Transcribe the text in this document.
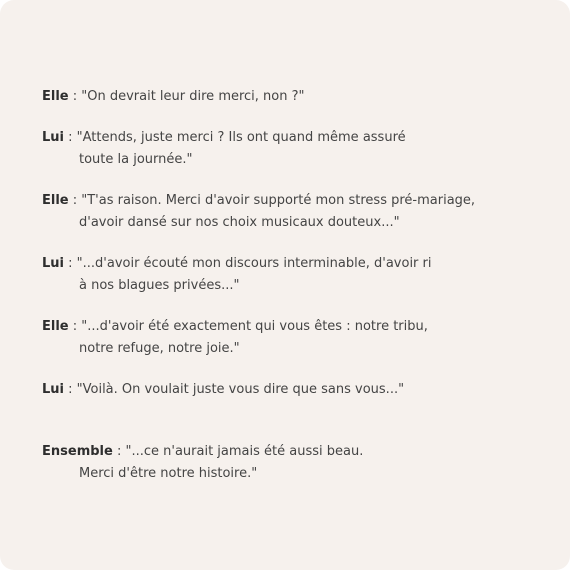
Elle : "On devrait leur dire merci, non ?"
Lui : "Attends, juste merci ? Ils ont quand même assuré
toute la journée."
Elle : "T'as raison. Merci d'avoir supporté mon stress pré-mariage,
d'avoir dansé sur nos choix musicaux douteux..."
Lui : "...d'avoir écouté mon discours interminable, d'avoir ri
à nos blagues privées..."
Elle : "...d'avoir été exactement qui vous êtes : notre tribu,
notre refuge, notre joie."
Lui : "Voilà. On voulait juste vous dire que sans vous..."
Ensemble : "...ce n'aurait jamais été aussi beau.
Merci d'être notre histoire."
